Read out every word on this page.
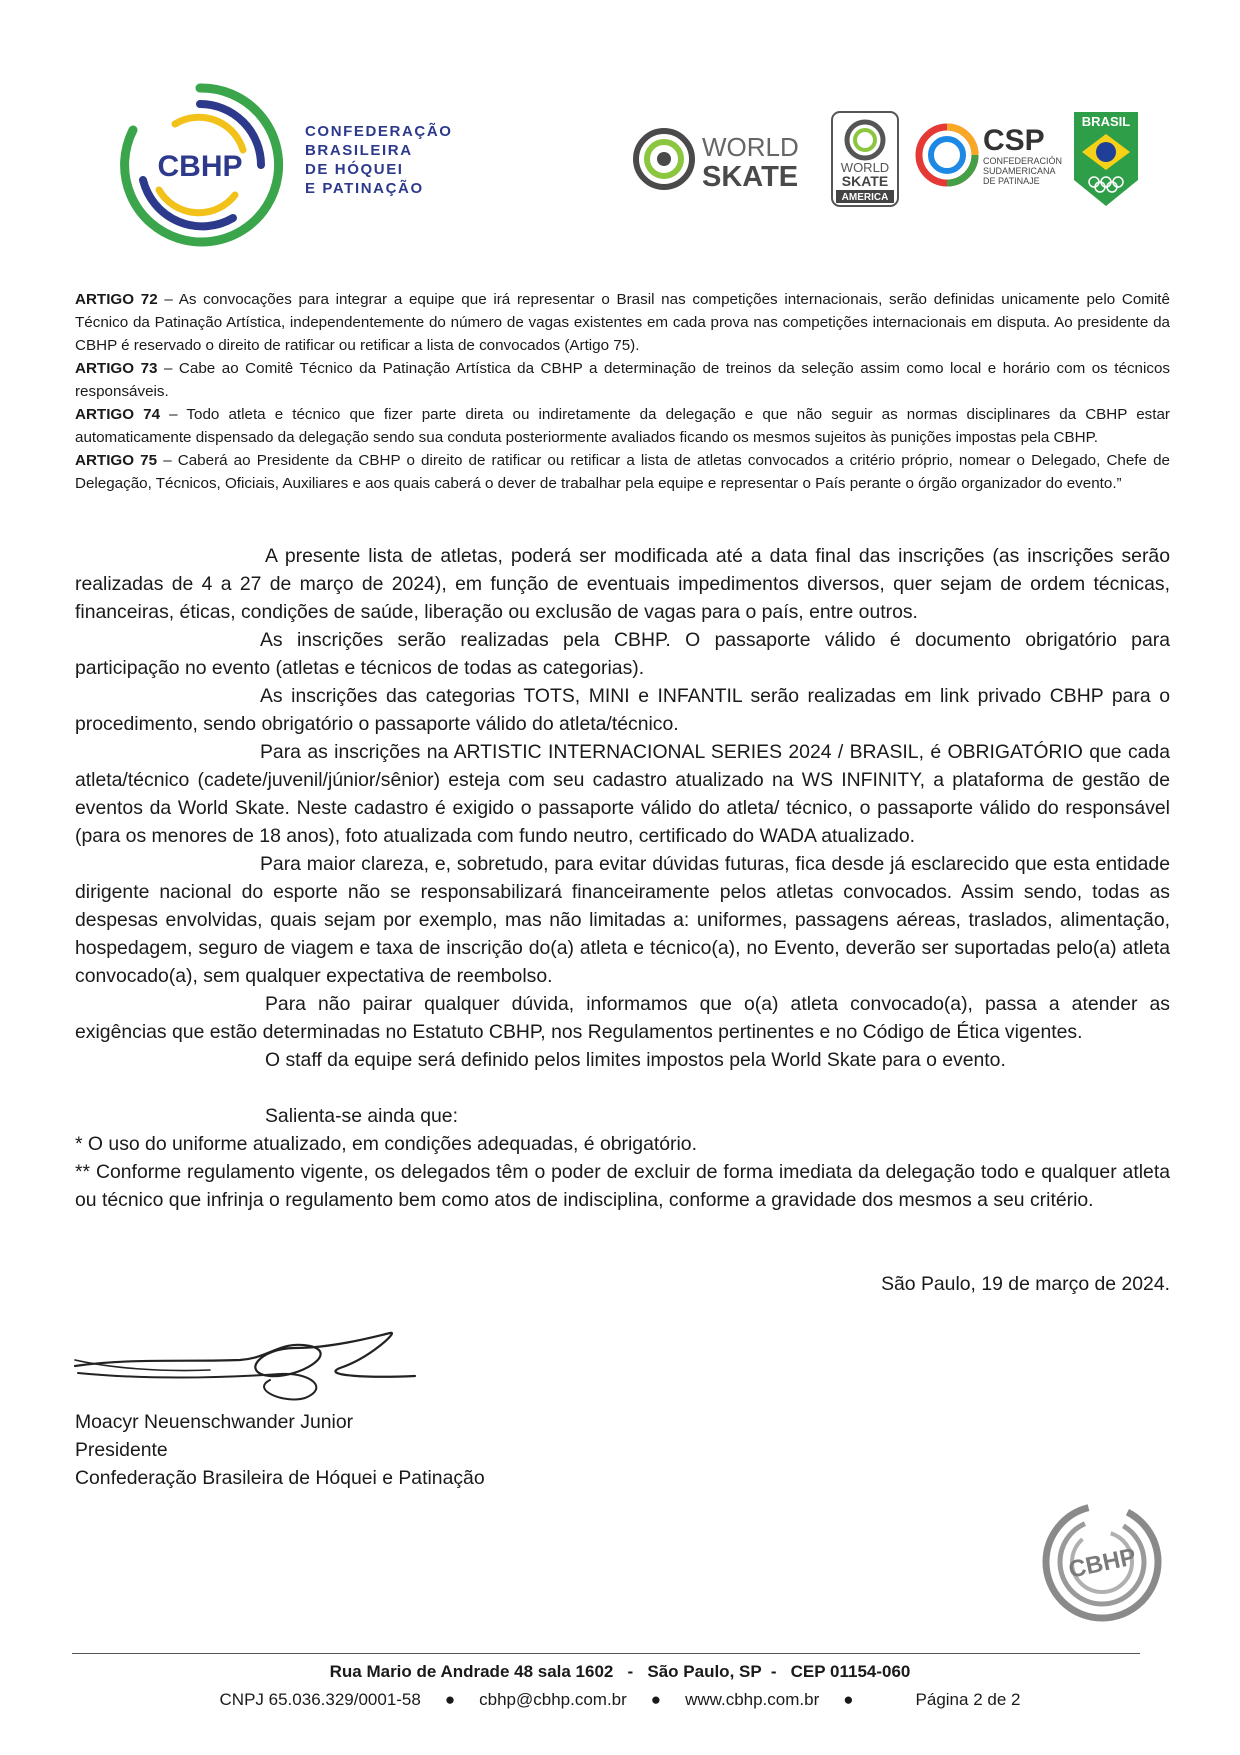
CBHP
CONFEDERAÇÃO
BRASILEIRA
DE HÓQUEI
E PATINAÇÃO
WORLD
SKATE	WORLD
SKATE
AMERICA
CSP
CONFEDERACIÓN
SUDAMERICANA
DE PATINAJE
BRASIL

ARTIGO 72 – As convocações para integrar a equipe que irá representar o Brasil nas competições internacionais, serão definidas unicamente pelo Comitê Técnico da Patinação Artística, independentemente do número de vagas existentes em cada prova nas competições internacionais em disputa. Ao presidente da CBHP é reservado o direito de ratificar ou retificar a lista de convocados (Artigo 75).

ARTIGO 73 – Cabe ao Comitê Técnico da Patinação Artística da CBHP a determinação de treinos da seleção assim como local e horário com os técnicos responsáveis.

ARTIGO 74 – Todo atleta e técnico que fizer parte direta ou indiretamente da delegação e que não seguir as normas disciplinares da CBHP estar automaticamente dispensado da delegação sendo sua conduta posteriormente avaliados ficando os mesmos sujeitos às punições impostas pela CBHP.

ARTIGO 75 – Caberá ao Presidente da CBHP o direito de ratificar ou retificar a lista de atletas convocados a critério próprio, nomear o Delegado, Chefe de Delegação, Técnicos, Oficiais, Auxiliares e aos quais caberá o dever de trabalhar pela equipe e representar o País perante o órgão organizador do evento.”

A presente lista de atletas, poderá ser modificada até a data final das inscrições (as inscrições serão realizadas de 4 a 27 de março de 2024), em função de eventuais impedimentos diversos, quer sejam de ordem técnicas, financeiras, éticas, condições de saúde, liberação ou exclusão de vagas para o país, entre outros.

As inscrições serão realizadas pela CBHP. O passaporte válido é documento obrigatório para participação no evento (atletas e técnicos de todas as categorias).

As inscrições das categorias TOTS, MINI e INFANTIL serão realizadas em link privado CBHP para o procedimento, sendo obrigatório o passaporte válido do atleta/técnico.

Para as inscrições na ARTISTIC INTERNACIONAL SERIES 2024 / BRASIL, é OBRIGATÓRIO que cada atleta/técnico (cadete/juvenil/júnior/sênior) esteja com seu cadastro atualizado na WS INFINITY, a plataforma de gestão de eventos da World Skate. Neste cadastro é exigido o passaporte válido do atleta/ técnico, o passaporte válido do responsável (para os menores de 18 anos), foto atualizada com fundo neutro, certificado do WADA atualizado.

Para maior clareza, e, sobretudo, para evitar dúvidas futuras, fica desde já esclarecido que esta entidade dirigente nacional do esporte não se responsabilizará financeiramente pelos atletas convocados. Assim sendo, todas as despesas envolvidas, quais sejam por exemplo, mas não limitadas a: uniformes, passagens aéreas, traslados, alimentação, hospedagem, seguro de viagem e taxa de inscrição do(a) atleta e técnico(a), no Evento, deverão ser suportadas pelo(a) atleta convocado(a), sem qualquer expectativa de reembolso.

Para não pairar qualquer dúvida, informamos que o(a) atleta convocado(a), passa a atender as exigências que estão determinadas no Estatuto CBHP, nos Regulamentos pertinentes e no Código de Ética vigentes.

O staff da equipe será definido pelos limites impostos pela World Skate para o evento.

Salienta-se ainda que:

* O uso do uniforme atualizado, em condições adequadas, é obrigatório.

** Conforme regulamento vigente, os delegados têm o poder de excluir de forma imediata da delegação todo e qualquer atleta ou técnico que infrinja o regulamento bem como atos de indisciplina, conforme a gravidade dos mesmos a seu critério.

São Paulo, 19 de março de 2024.

Moacyr Neuenschwander Junior
Presidente
Confederação Brasileira de Hóquei e Patinação
CBHP
Rua Mario de Andrade 48 sala 1602   -   São Paulo, SP  -   CEP 01154-060
CNPJ 65.036.329/0001-58 ● cbhp@cbhp.com.br ● www.cbhp.com.br ●	Página 2 de 2
